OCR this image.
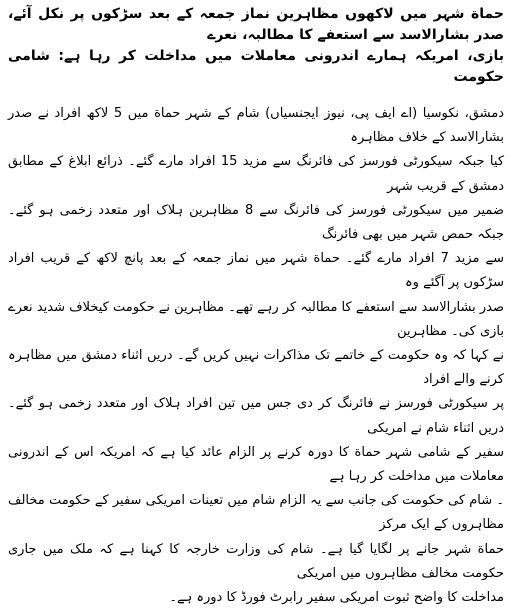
حماة شہر میں لاکھوں مظاہرین نماز جمعہ کے بعد سڑکوں پر نکل آئے، صدر بشارالاسد سے استعفے کا مطالبہ، نعرے
بازی، امریکہ ہمارے اندرونی معاملات میں مداخلت کر رہا ہے: شامی حکومت
دمشق، نکوسیا (اے ایف پی، نیوز ایجنسیاں) شام کے شہر حماة میں 5 لاکھ افراد نے صدر بشارالاسد کے خلاف مظاہرہ
کیا جبکہ سیکورٹی فورسز کی فائرنگ سے مزید 15 افراد مارے گئے۔ ذرائع ابلاغ کے مطابق دمشق کے قریب شہر
ضمیر میں سیکورٹی فورسز کی فائرنگ سے 8 مظاہرین ہلاک اور متعدد زخمی ہو گئے۔ جبکہ حمص شہر میں بھی فائرنگ
سے مزید 7 افراد مارے گئے۔ حماة شہر میں نماز جمعہ کے بعد پانچ لاکھ کے قریب افراد سڑکوں پر آگئے وہ
صدر بشارالاسد سے استعفے کا مطالبہ کر رہے تھے۔ مظاہرین نے حکومت کیخلاف شدید نعرے بازی کی۔ مظاہرین
نے کہا کہ وہ حکومت کے خاتمے تک مذاکرات نہیں کریں گے۔ دریں اثناء دمشق میں مظاہرہ کرنے والے افراد
پر سیکورٹی فورسز نے فائرنگ کر دی جس میں تین افراد ہلاک اور متعدد زخمی ہو گئے۔ دریں اثناء شام نے امریکی
سفیر کے شامی شہر حماة کا دورہ کرنے پر الزام عائد کیا ہے کہ امریکہ اس کے اندرونی معاملات میں مداخلت کر رہا ہے
۔ شام کی حکومت کی جانب سے یہ الزام شام میں تعینات امریکی سفیر کے حکومت مخالف مظاہروں کے ایک مرکز
حماة شہر جانے پر لگایا گیا ہے۔ شام کی وزارت خارجہ کا کہنا ہے کہ ملک میں جاری حکومت مخالف مظاہروں میں امریکی
مداخلت کا واضح ثبوت امریکی سفیر رابرٹ فورڈ کا دورہ ہے۔
